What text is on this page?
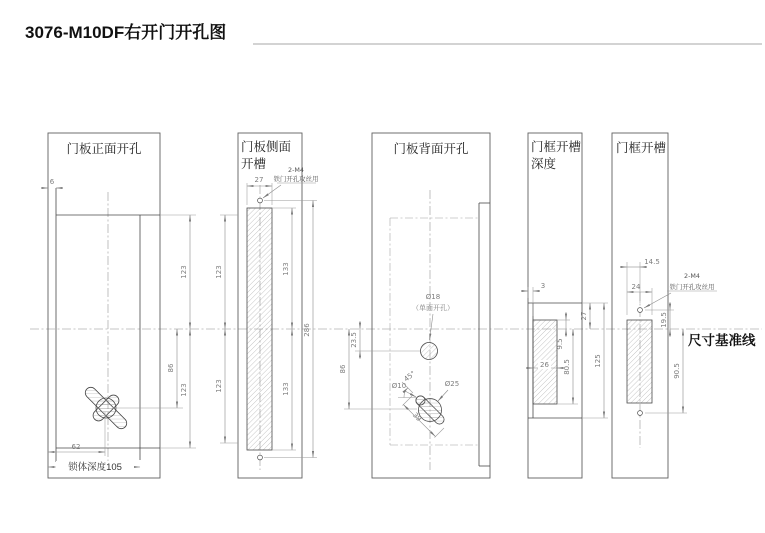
3076-M10DF右开门开孔图
门板正面开孔
6
123
86
123
62
锁体深度105
门板侧面
开槽
27
2-M4
铁门开孔攻丝用
123
123
133
133
286
门板背面开孔
Ø18
（单面开孔）
23.5
86
Ø10	Ø25
45°
39
门框开槽
深度
3
26
9.5
80.5
27
125
门框开槽
14.5
24
2-M4
铁门开孔攻丝用
19.5
90.5
尺寸基准线
